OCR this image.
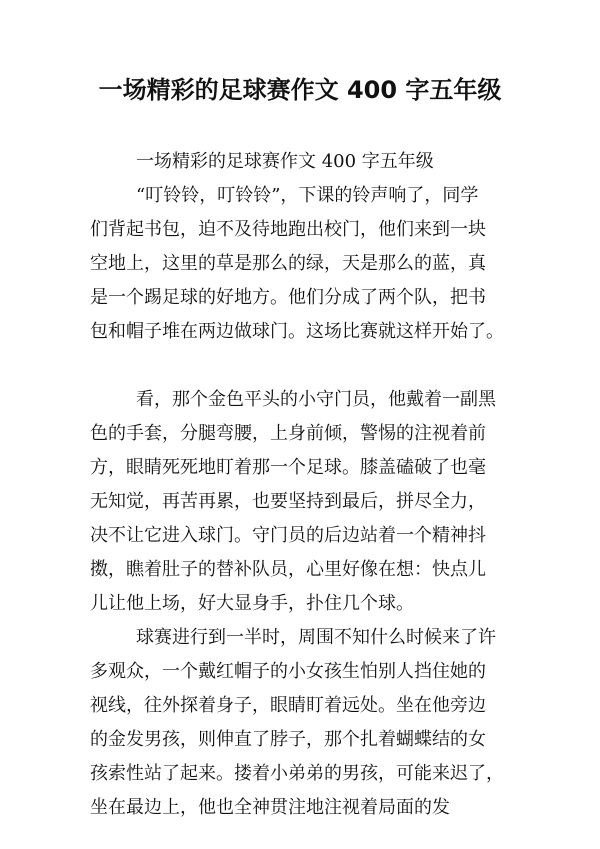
一场精彩的足球赛作文 400 字五年级
一场精彩的足球赛作文 400 字五年级
“叮铃铃，叮铃铃”，下课的铃声响了，同学
们背起书包，迫不及待地跑出校门，他们来到一块
空地上，这里的草是那么的绿，天是那么的蓝，真
是一个踢足球的好地方。他们分成了两个队，把书
包和帽子堆在两边做球门。这场比赛就这样开始了。
看，那个金色平头的小守门员，他戴着一副黑
色的手套，分腿弯腰，上身前倾，警惕的注视着前
方，眼睛死死地盯着那一个足球。膝盖磕破了也毫
无知觉，再苦再累，也要坚持到最后，拼尽全力，
决不让它进入球门。守门员的后边站着一个精神抖
擞，瞧着肚子的替补队员，心里好像在想：快点儿
儿让他上场，好大显身手，扑住几个球。
球赛进行到一半时，周围不知什么时候来了许
多观众，一个戴红帽子的小女孩生怕别人挡住她的
视线，往外探着身子，眼睛盯着远处。坐在他旁边
的金发男孩，则伸直了脖子，那个扎着蝴蝶结的女
孩索性站了起来。搂着小弟弟的男孩，可能来迟了，
坐在最边上，他也全神贯注地注视着局面的发
